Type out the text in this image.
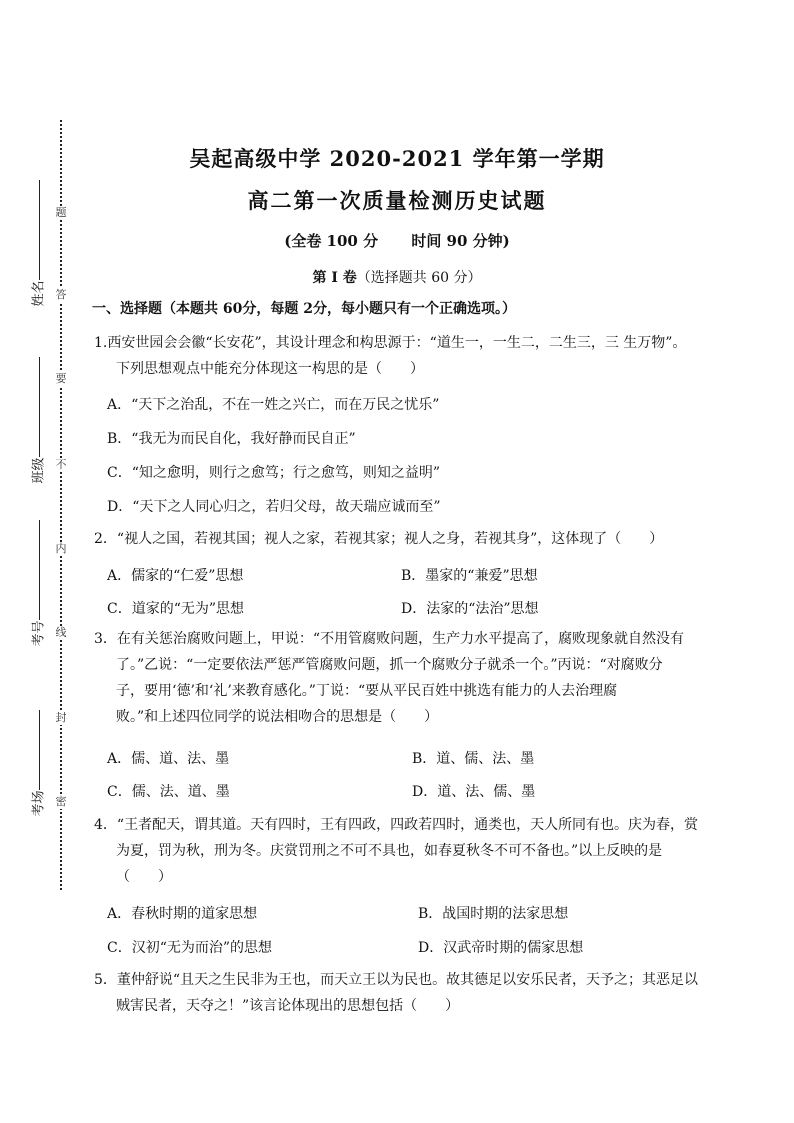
题
答
要
不
内
线
封
密
姓名
班级
考号
考场
吴起高级中学 2020-2021 学年第一学期
高二第一次质量检测历史试题
(全卷 100 分 时间 90 分钟)
第 I 卷（选择题共 60 分）
一、选择题（本题共 60分，每题 2分，每小题只有一个正确选项。）
1.西安世园会会徽“长安花”，其设计理念和构思源于：“道生一，一生二，二生三，三 生万物”。
下列思想观点中能充分体现这一构思的是（　　）
A．“天下之治乱，不在一姓之兴亡，而在万民之忧乐”
B．“我无为而民自化，我好静而民自正”
C．“知之愈明，则行之愈笃；行之愈笃，则知之益明”
D．“天下之人同心归之，若归父母，故天瑞应诚而至”
2．“视人之国，若视其国；视人之家，若视其家；视人之身，若视其身”，这体现了（　　）
A．儒家的“仁爱”思想	B．墨家的“兼爱”思想
C．道家的“无为”思想	D．法家的“法治”思想
3．在有关惩治腐败问题上，甲说：“不用管腐败问题，生产力水平提高了，腐败现象就自然没有
了。”乙说：“一定要依法严惩严管腐败问题，抓一个腐败分子就杀一个。”丙说：“对腐败分
子，要用‘德’和‘礼’来教育感化。”丁说：“要从平民百姓中挑选有能力的人去治理腐
败。”和上述四位同学的说法相吻合的思想是（　　）
A．儒、道、法、墨	B．道、儒、法、墨
C．儒、法、道、墨	D．道、法、儒、墨
4．“王者配天，谓其道。天有四时，王有四政，四政若四时，通类也，天人所同有也。庆为春，赏
为夏，罚为秋，刑为冬。庆赏罚刑之不可不具也，如春夏秋冬不可不备也。”以上反映的是
（　　）
A．春秋时期的道家思想	B．战国时期的法家思想
C．汉初“无为而治”的思想	D．汉武帝时期的儒家思想
5．董仲舒说“且天之生民非为王也，而天立王以为民也。故其德足以安乐民者，天予之；其恶足以
贼害民者，天夺之！”该言论体现出的思想包括（　　）
